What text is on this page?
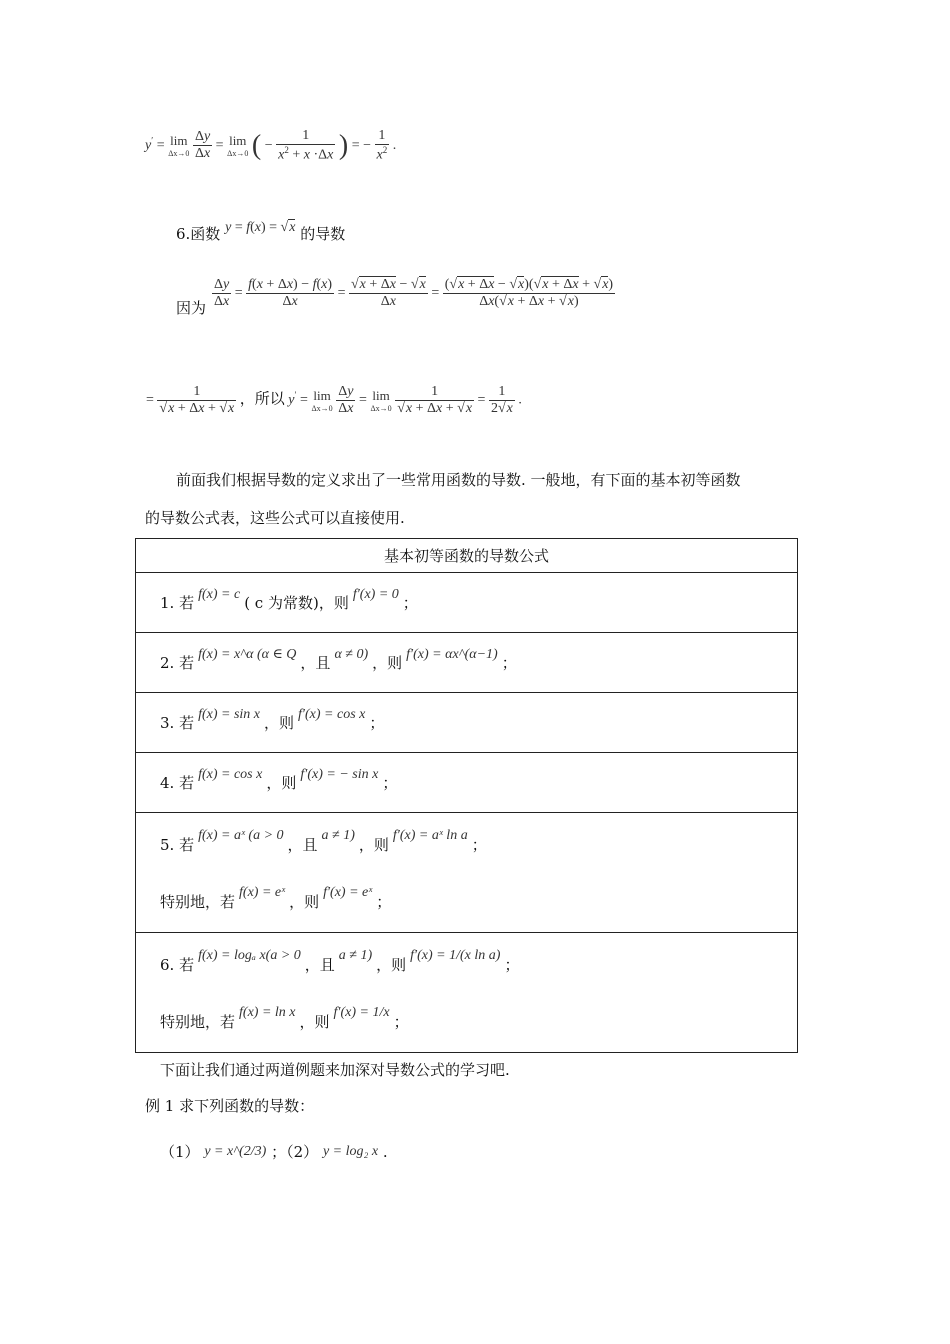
y′ = lim
Δx→0
$\frac{\Delta y}{\Delta x} = \lim$
Δx→0 ( − $\frac{1}{x^2 + x \cdot\Delta x}$ ) = − $\frac{1}{x^2}$ .
6.函数 y = f(x) = √x 的导数
因为 $\frac{\Delta y}{\Delta x} = \frac{f(x + \Delta x) - f(x)}{\Delta x} = \frac{√x + \Delta x - √x}{\Delta x} = \frac{(√x + \Delta x - √x)(√x + \Delta x + √x)}{\Delta x(√x + \Delta x + √x)}$
= $\frac{1}{√x + \Delta x + √x}$ ，所以 y′ = lim
Δx→0
$\frac{\Delta y}{\Delta x} = \lim$
Δx→0
$\frac{1}{√x + \Delta x + √x} = \frac{1}{2√x}$ .
前面我们根据导数的定义求出了一些常用函数的导数. 一般地，有下面的基本初等函数
的导数公式表，这些公式可以直接使用.
基本初等函数的导数公式

1. 若 f(x) = c ( c 为常数)，则 f′(x) = 0 ；

2. 若 f(x) = x^α (α ∈ Q ，且 α ≠ 0) ，则 f′(x) = αx^(α−1) ；

3. 若 f(x) = sin x ，则 f′(x) = cos x ；

4. 若 f(x) = cos x ，则 f′(x) = − sin x ；

5. 若 f(x) = aˣ (a > 0 ，且 a ≠ 1) ，则 f′(x) = aˣ ln a ；
特别地，若 f(x) = eˣ ，则 f′(x) = eˣ ；

6. 若 f(x) = logₐ x(a > 0 ，且 a ≠ 1) ，则 f′(x) = 1/(x ln a) ；
特别地，若 f(x) = ln x ，则 f′(x) = 1/x ；
下面让我们通过两道例题来加深对导数公式的学习吧.
例 1 求下列函数的导数：
（1） y = x^(2/3) ；（2） y = log₂ x .
